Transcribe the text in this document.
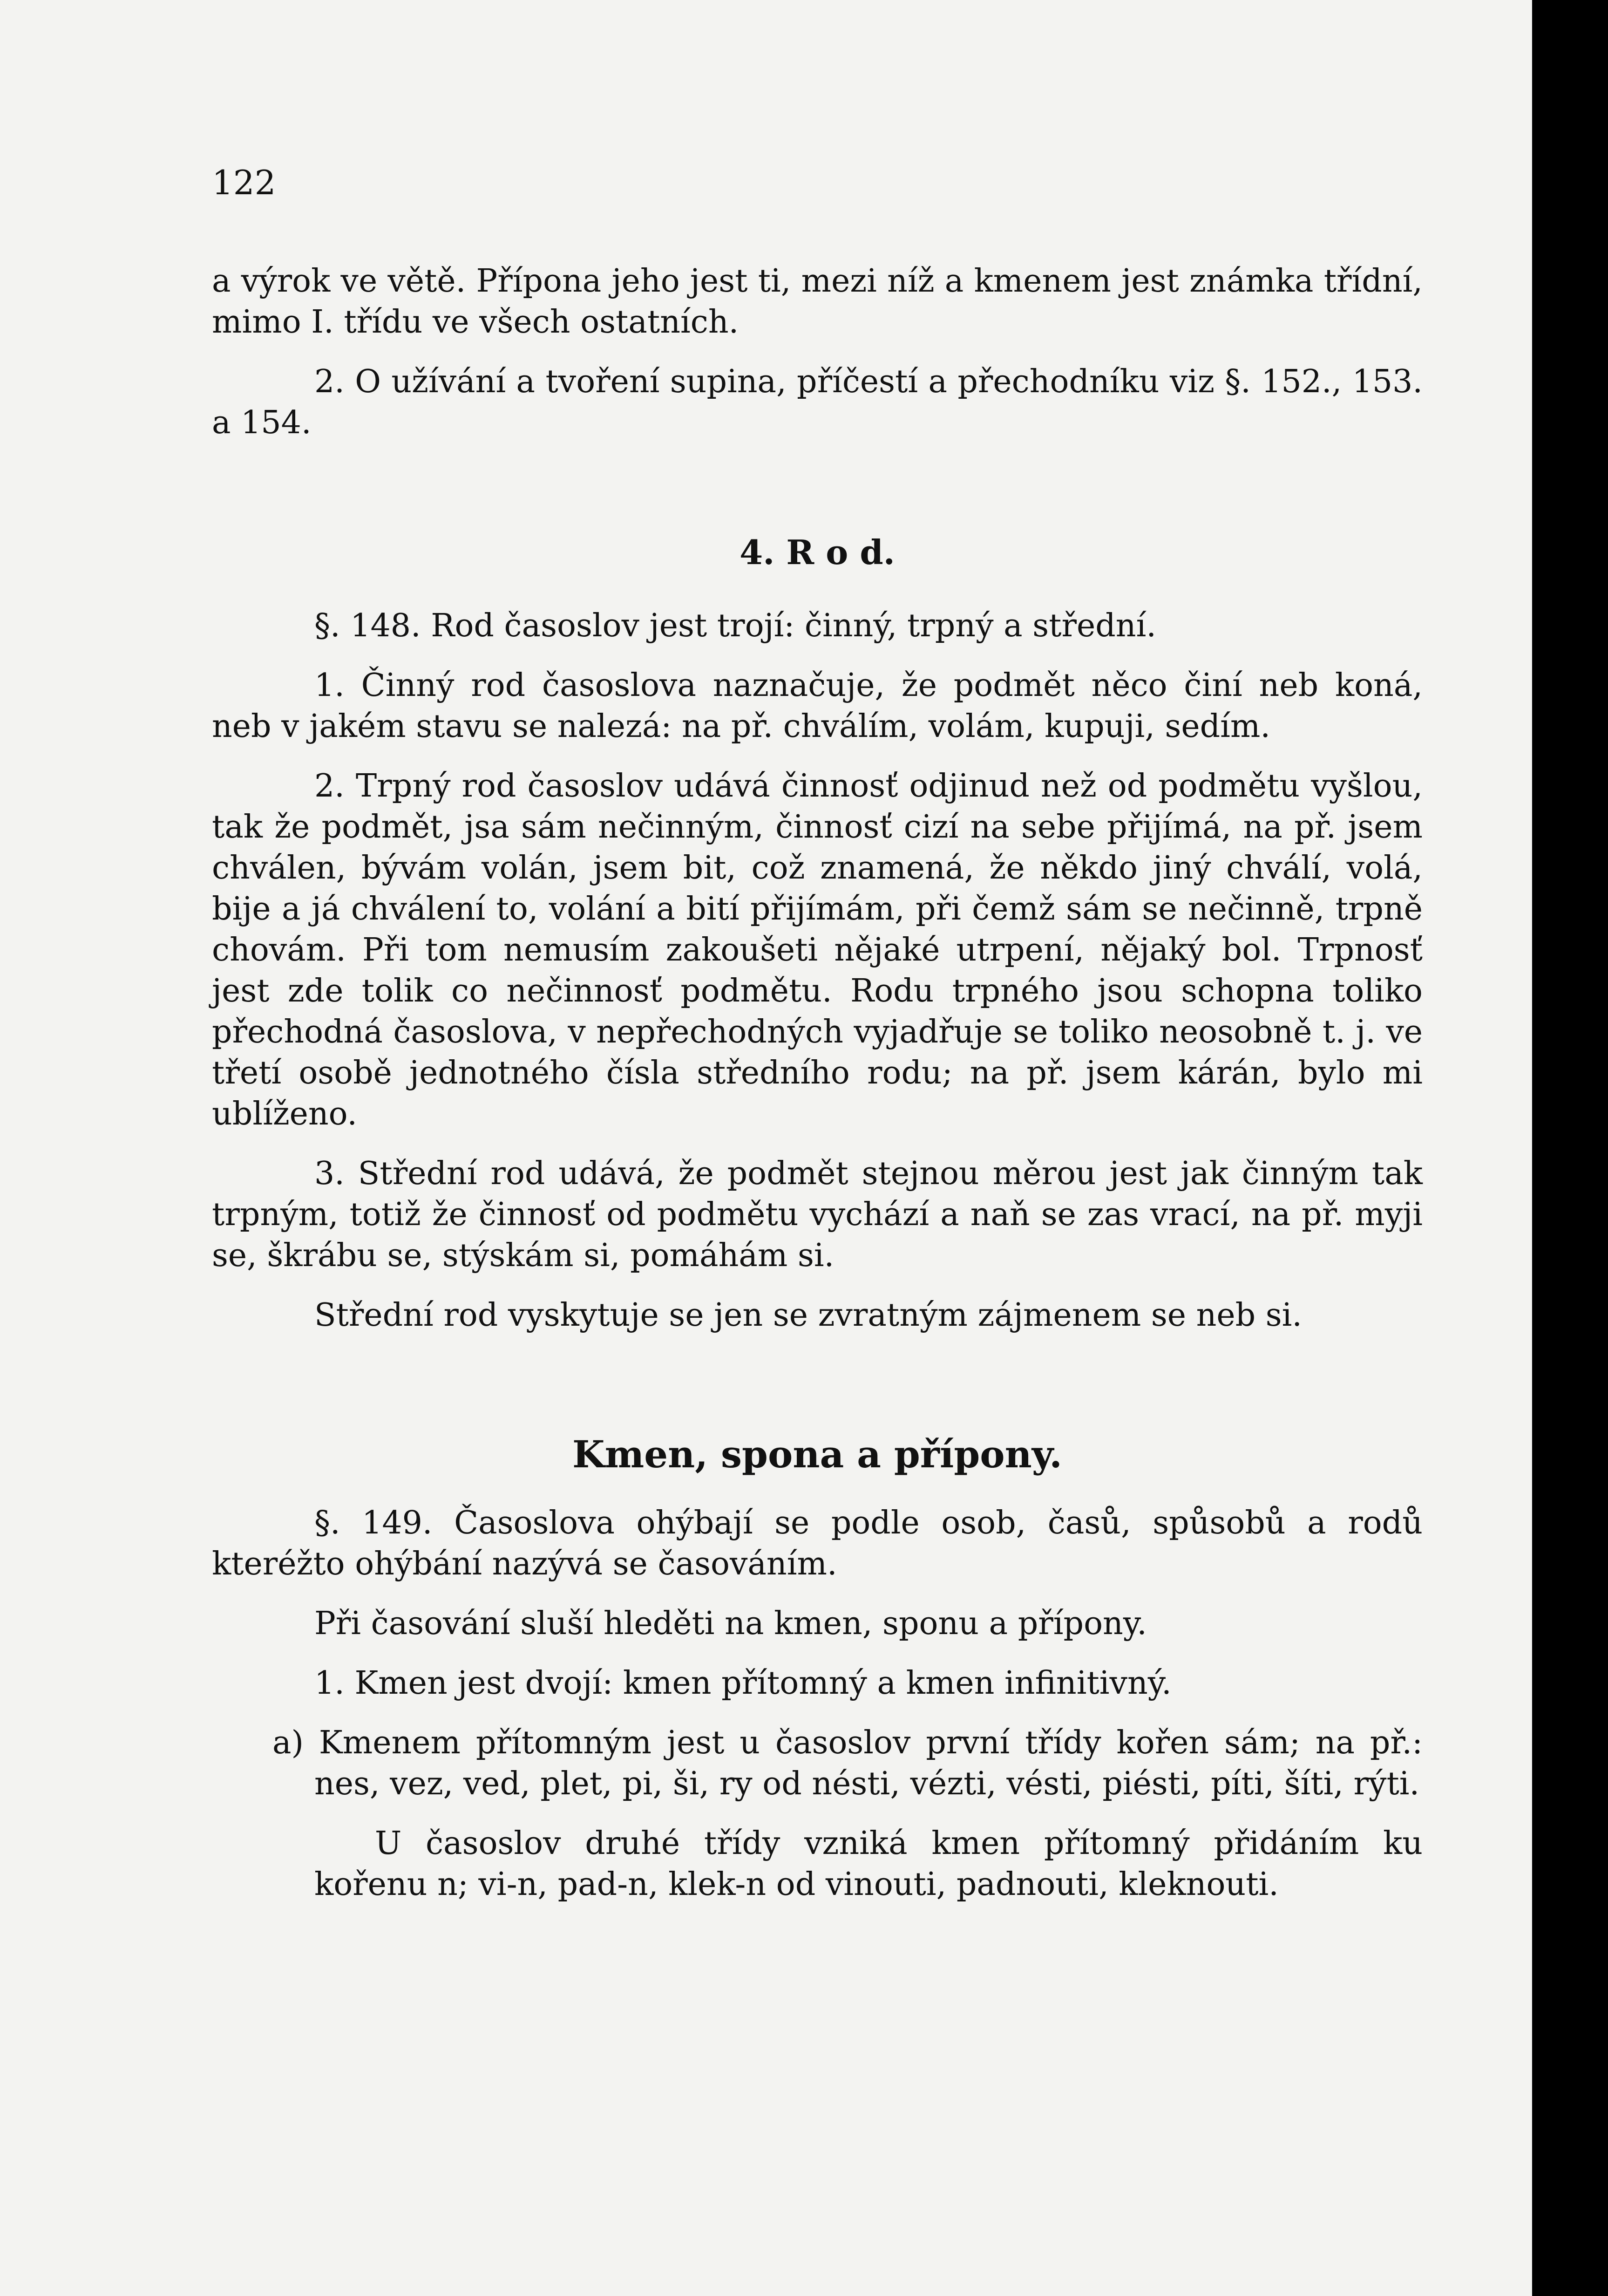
122

a výrok ve větě. Přípona jeho jest ti, mezi níž a kmenem jest známka třídní, mimo I. třídu ve všech ostatních.

2. O užívání a tvoření supina, příčestí a přechodníku viz §. 152., 153. a 154.

4. R o d.

§. 148. Rod časoslov jest trojí: činný, trpný a střední.

1. Činný rod časoslova naznačuje, že podmět něco činí neb koná, neb v jakém stavu se nalezá: na př. chválím, volám, kupuji, sedím.

2. Trpný rod časoslov udává činnosť odjinud než od podmětu vyšlou, tak že podmět, jsa sám nečinným, činnosť cizí na sebe přijímá, na př. jsem chválen, bývám volán, jsem bit, což znamená, že někdo jiný chválí, volá, bije a já chválení to, volání a bití přijímám, při čemž sám se nečinně, trpně chovám. Při tom nemusím zakoušeti nějaké utrpení, nějaký bol. Trpnosť jest zde tolik co nečinnosť podmětu. Rodu trpného jsou schopna toliko přechodná časoslova, v nepřechodných vyjadřuje se toliko neosobně t. j. ve třetí osobě jednotného čísla středního rodu; na př. jsem kárán, bylo mi ublíženo.

3. Střední rod udává, že podmět stejnou měrou jest jak činným tak trpným, totiž že činnosť od podmětu vychází a naň se zas vrací, na př. myji se, škrábu se, stýskám si, pomáhám si.

Střední rod vyskytuje se jen se zvratným zájmenem se neb si.

Kmen, spona a přípony.

§. 149. Časoslova ohýbají se podle osob, časů, spůsobů a rodů kteréžto ohýbání nazývá se časováním.

Při časování sluší hleděti na kmen, sponu a přípony.

1. Kmen jest dvojí: kmen přítomný a kmen infinitivný.

a) Kmenem přítomným jest u časoslov první třídy kořen sám; na př.: nes, vez, ved, plet, pi, ši, ry od nésti, vézti, vésti, piésti, píti, šíti, rýti.

U časoslov druhé třídy vzniká kmen přítomný přidáním ku kořenu n; vi-n, pad-n, klek-n od vinouti, padnouti, kleknouti.
